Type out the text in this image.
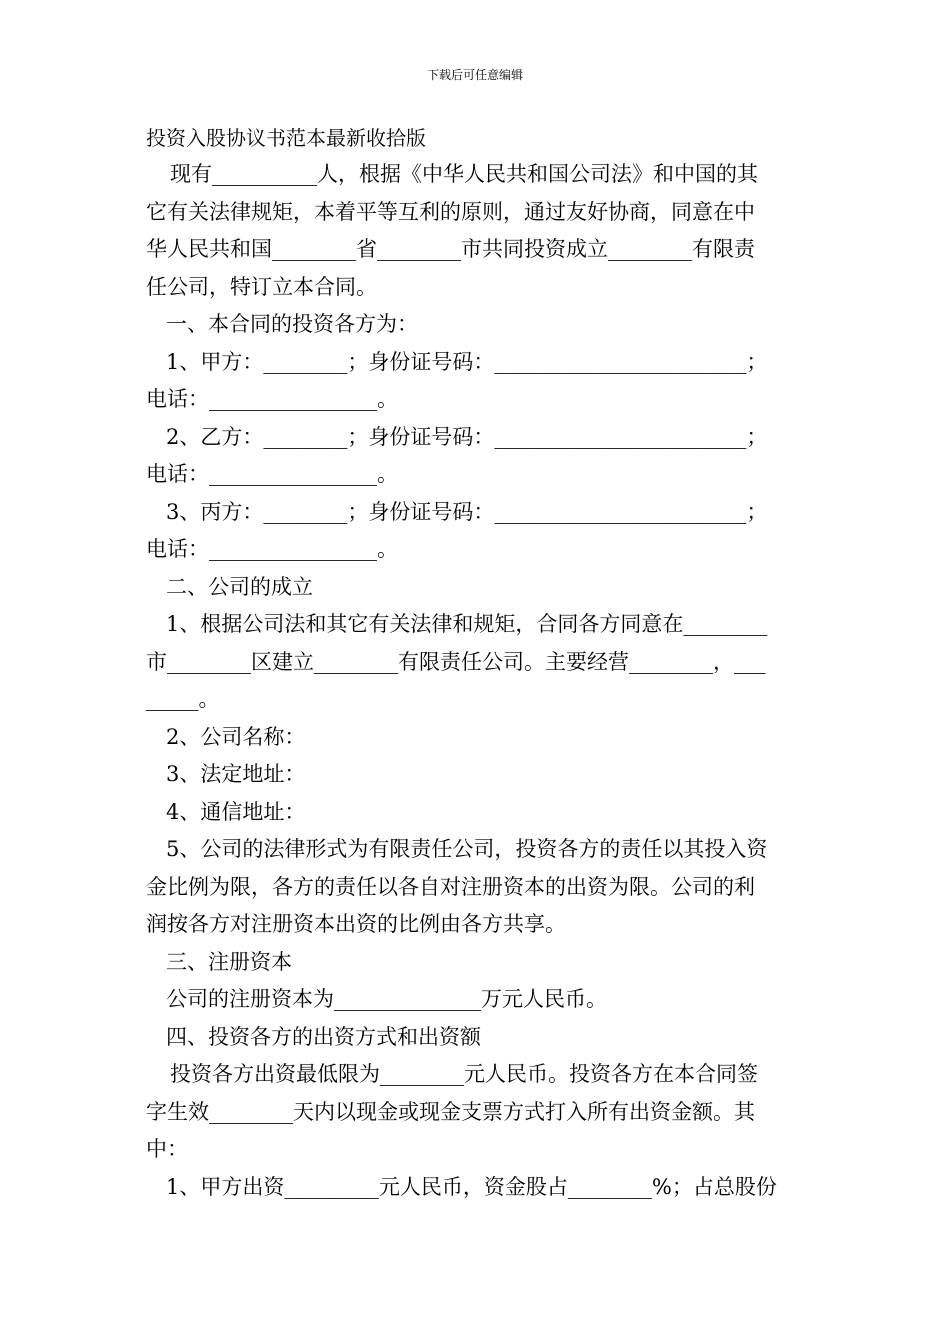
下载后可任意编辑
投资入股协议书范本最新收拾版

现有__________人，根据《中华人民共和国公司法》和中国的其

它有关法律规矩，本着平等互利的原则，通过友好协商，同意在中

华人民共和国________省________市共同投资成立________有限责

任公司，特订立本合同。

一、本合同的投资各方为：

1、甲方：________；身份证号码：________________________；

电话：________________。

2、乙方：________；身份证号码：________________________；

电话：________________。

3、丙方：________；身份证号码：________________________；

电话：________________。

二、公司的成立

1、根据公司法和其它有关法律和规矩，合同各方同意在________

市________区建立________有限责任公司。主要经营________，___

_____。

2、公司名称：

3、法定地址：

4、通信地址：

5、公司的法律形式为有限责任公司，投资各方的责任以其投入资

金比例为限，各方的责任以各自对注册资本的出资为限。公司的利

润按各方对注册资本出资的比例由各方共享。

三、注册资本

公司的注册资本为______________万元人民币。

四、投资各方的出资方式和出资额

投资各方出资最低限为________元人民币。投资各方在本合同签

字生效________天内以现金或现金支票方式打入所有出资金额。其

中：

1、甲方出资_________元人民币，资金股占________%；占总股份
